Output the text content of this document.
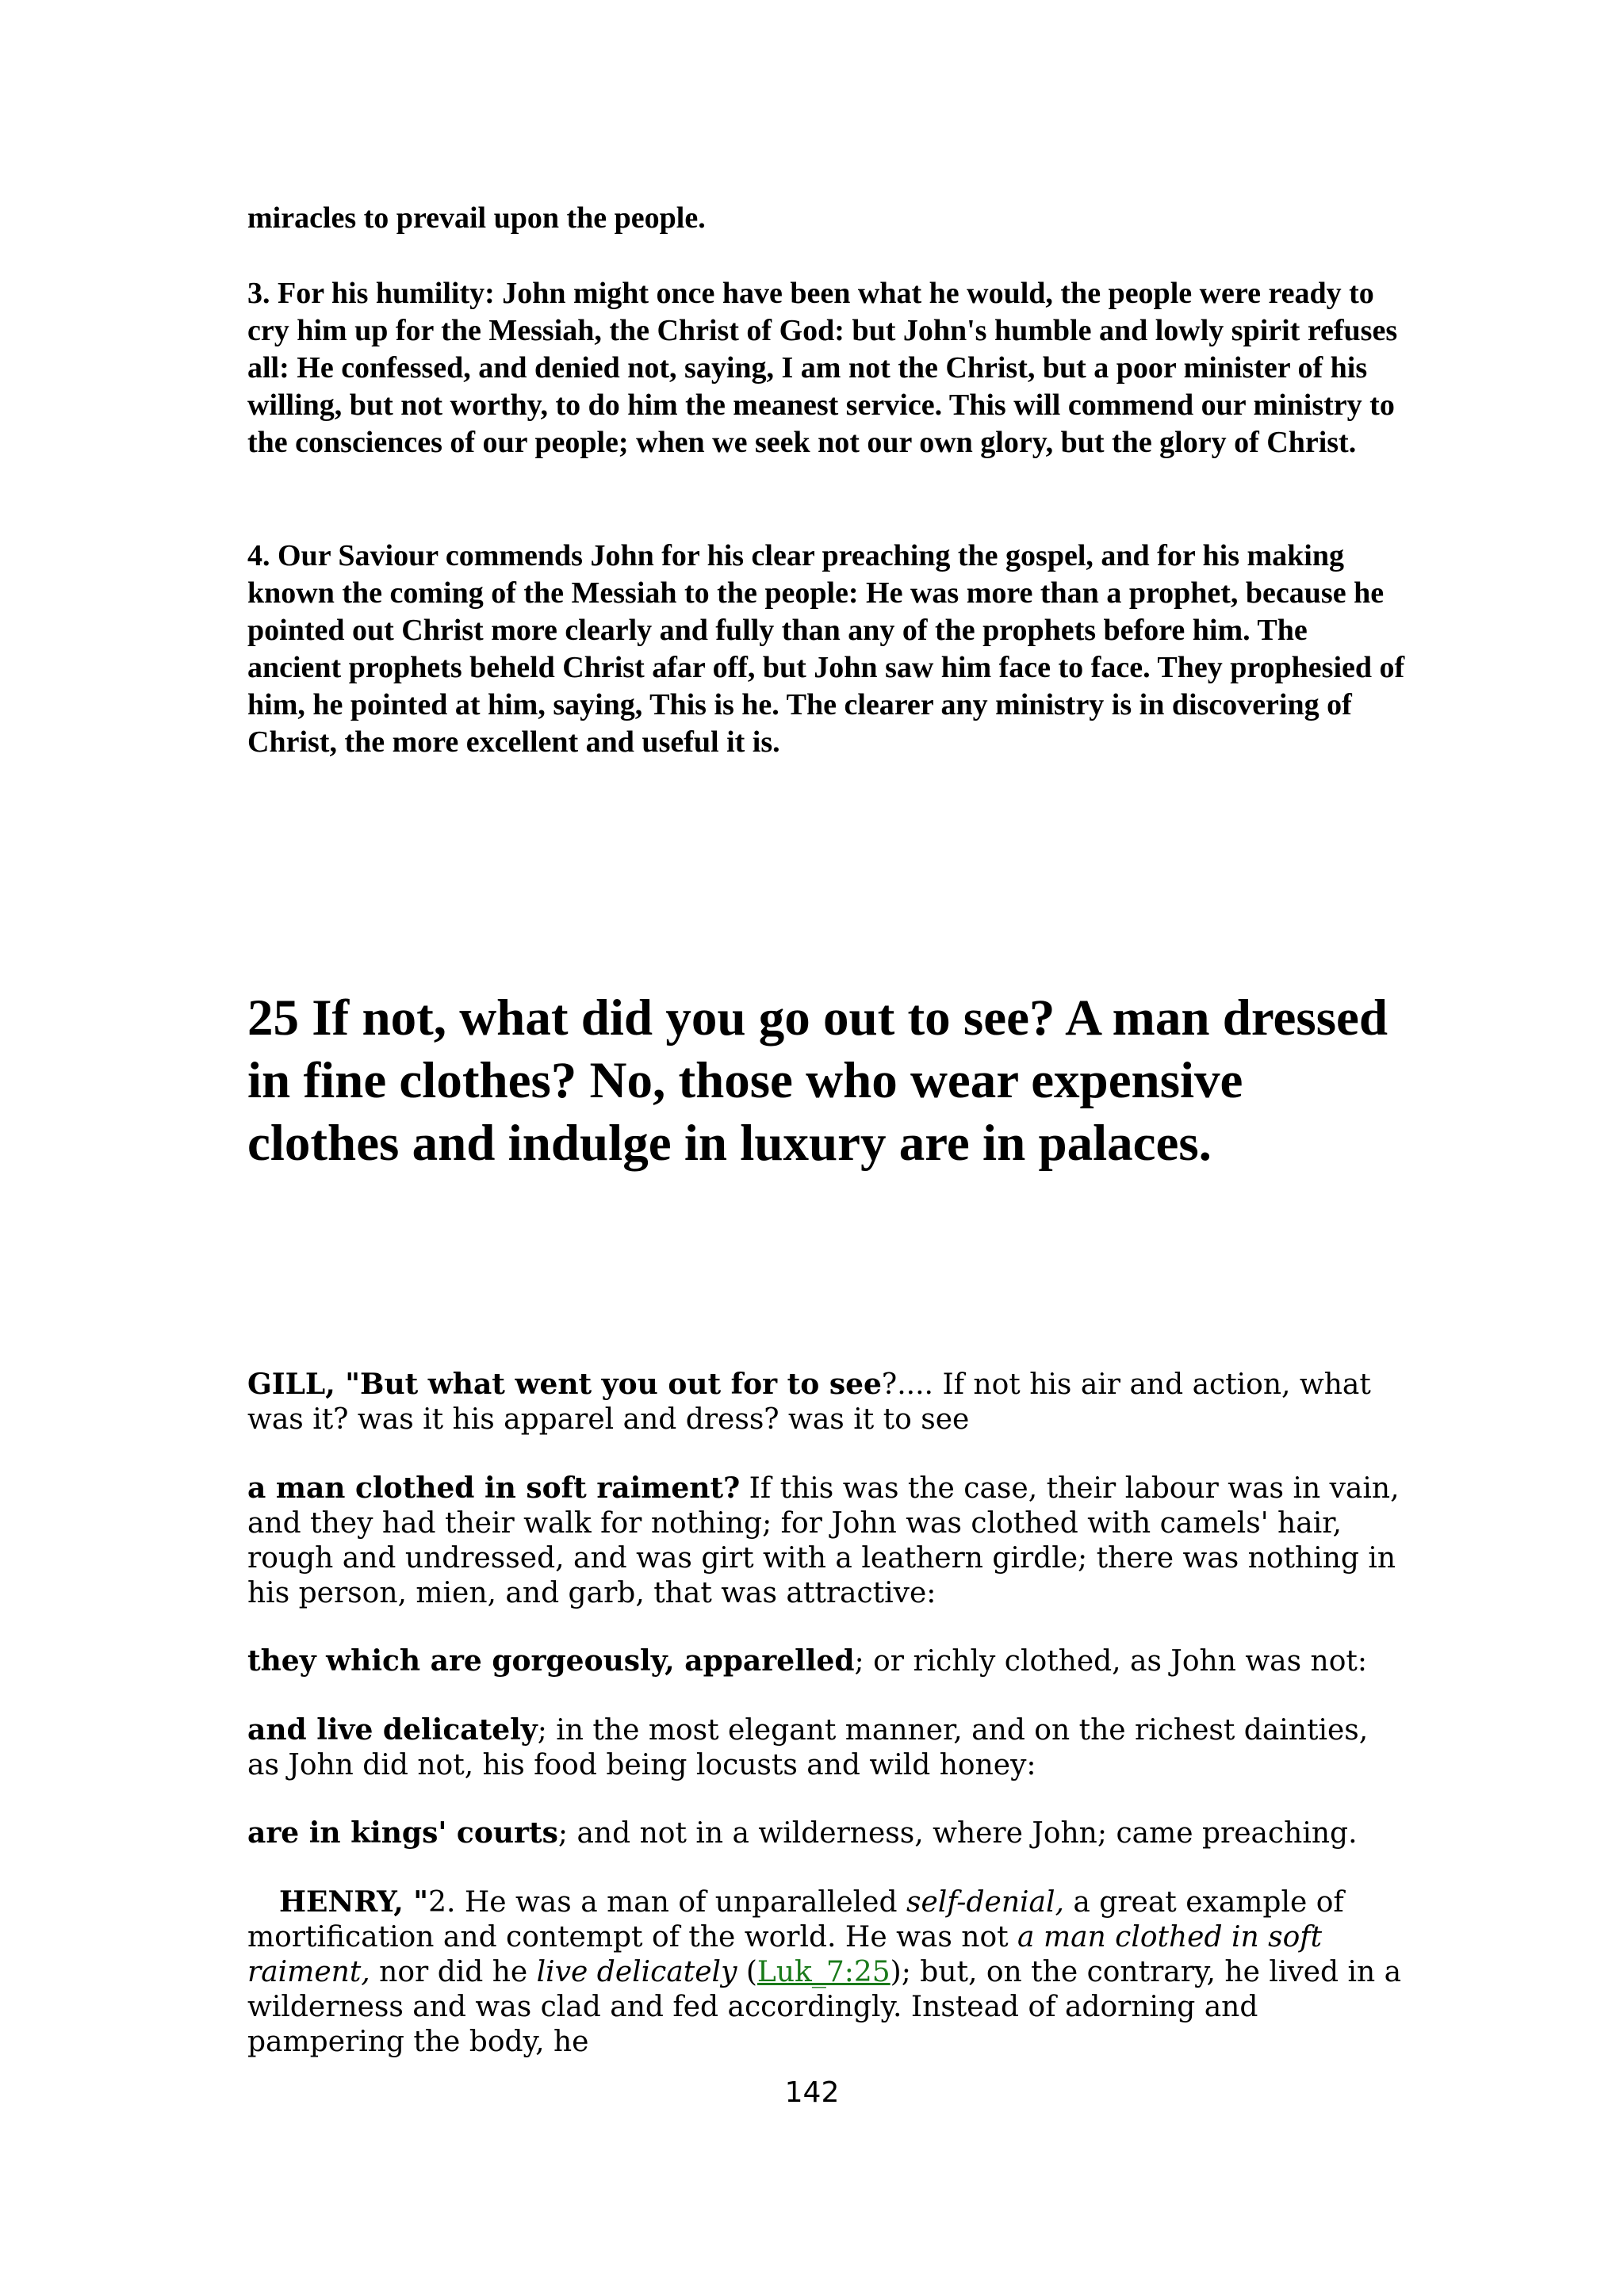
miracles to prevail upon the people.

3. For his humility: John might once have been what he would, the people were ready to cry him up for the Messiah, the Christ of God: but John's humble and lowly spirit refuses all: He confessed, and denied not, saying, I am not the Christ, but a poor minister of his willing, but not worthy, to do him the meanest service. This will commend our ministry to the consciences of our people; when we seek not our own glory, but the glory of Christ.

4. Our Saviour commends John for his clear preaching the gospel, and for his making known the coming of the Messiah to the people: He was more than a prophet, because he pointed out Christ more clearly and fully than any of the prophets before him. The ancient prophets beheld Christ afar off, but John saw him face to face. They prophesied of him, he pointed at him, saying, This is he. The clearer any ministry is in discovering of Christ, the more excellent and useful it is.

25 If not, what did you go out to see? A man dressed in fine clothes? No, those who wear expensive clothes and indulge in luxury are in palaces.

GILL, "But what went you out for to see?.... If not his air and action, what was it? was it his apparel and dress? was it to see

a man clothed in soft raiment? If this was the case, their labour was in vain, and they had their walk for nothing; for John was clothed with camels' hair, rough and undressed, and was girt with a leathern girdle; there was nothing in his person, mien, and garb, that was attractive:

they which are gorgeously, apparelled; or richly clothed, as John was not:

and live delicately; in the most elegant manner, and on the richest dainties, as John did not, his food being locusts and wild honey:

are in kings' courts; and not in a wilderness, where John; came preaching.

HENRY, "2. He was a man of unparalleled self-denial, a great example of mortification and contempt of the world. He was not a man clothed in soft raiment, nor did he live delicately (Luk_7:25); but, on the contrary, he lived in a wilderness and was clad and fed accordingly. Instead of adorning and pampering the body, he

142
